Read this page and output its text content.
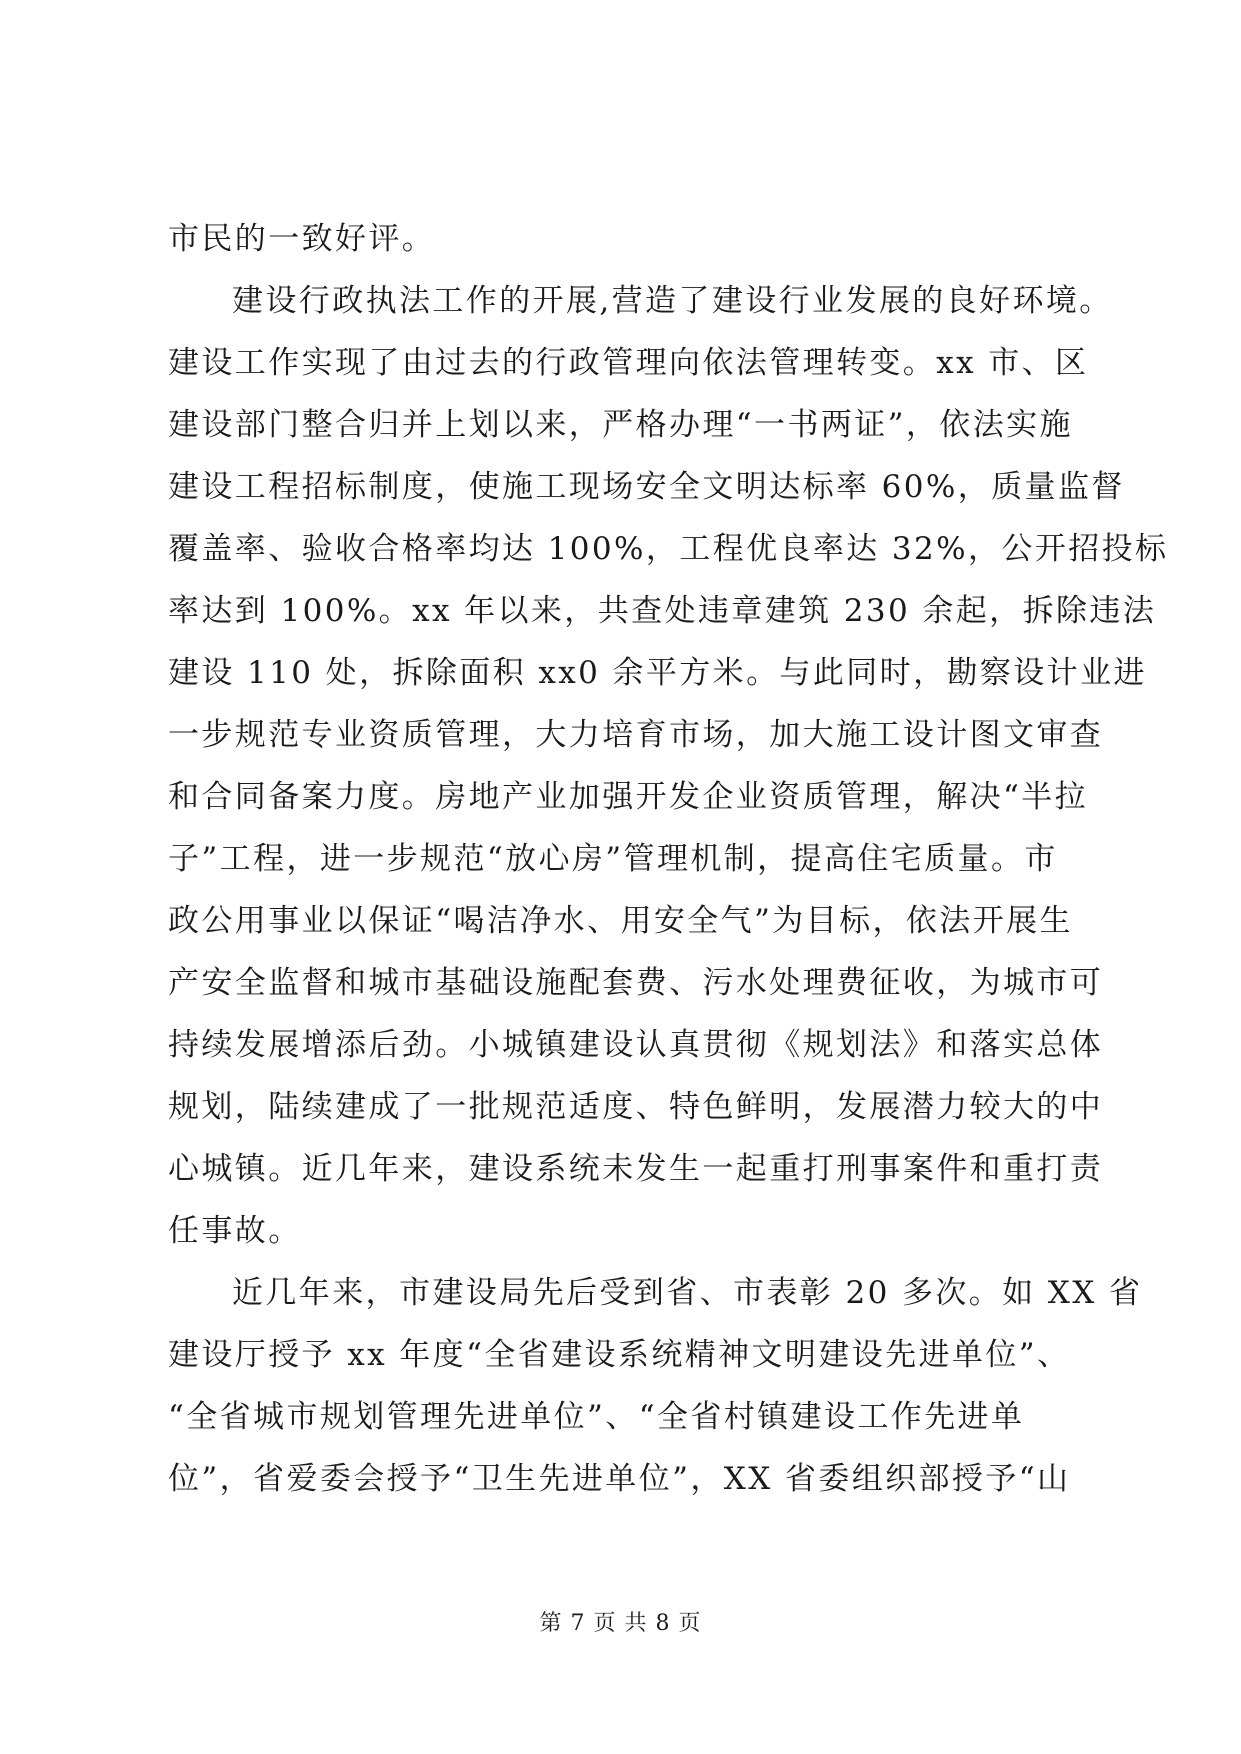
市民的一致好评。
建设行政执法工作的开展,营造了建设行业发展的良好环境。
建设工作实现了由过去的行政管理向依法管理转变。xx 市、区
建设部门整合归并上划以来，严格办理“一书两证”，依法实施
建设工程招标制度，使施工现场安全文明达标率 60%，质量监督
覆盖率、验收合格率均达 100%，工程优良率达 32%，公开招投标
率达到 100%。xx 年以来，共查处违章建筑 230 余起，拆除违法
建设 110 处，拆除面积 xx0 余平方米。与此同时，勘察设计业进
一步规范专业资质管理，大力培育市场，加大施工设计图文审查
和合同备案力度。房地产业加强开发企业资质管理，解决“半拉
子”工程，进一步规范“放心房”管理机制，提高住宅质量。市
政公用事业以保证“喝洁净水、用安全气”为目标，依法开展生
产安全监督和城市基础设施配套费、污水处理费征收，为城市可
持续发展增添后劲。小城镇建设认真贯彻《规划法》和落实总体
规划，陆续建成了一批规范适度、特色鲜明，发展潜力较大的中
心城镇。近几年来，建设系统未发生一起重打刑事案件和重打责
任事故。
近几年来，市建设局先后受到省、市表彰 20 多次。如 XX 省
建设厅授予 xx 年度“全省建设系统精神文明建设先进单位”、
“全省城市规划管理先进单位”、“全省村镇建设工作先进单
位”，省爱委会授予“卫生先进单位”，XX 省委组织部授予“山
第 7 页 共 8 页
